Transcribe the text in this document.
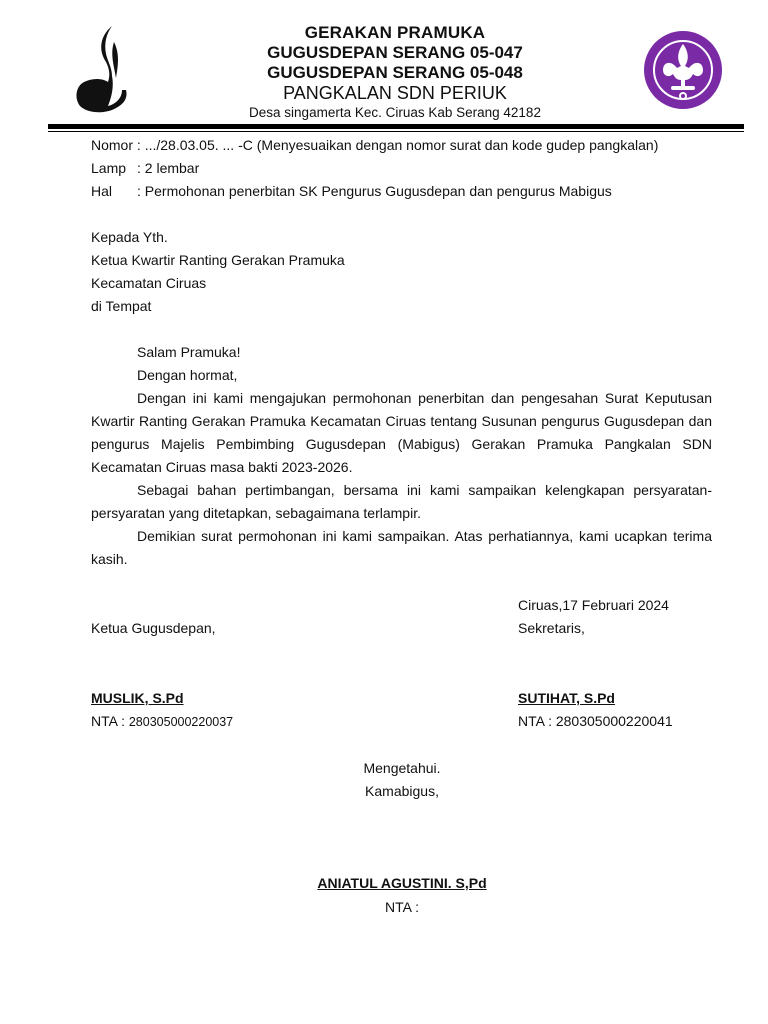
GERAKAN PRAMUKA
GUGUSDEPAN SERANG 05-047
GUGUSDEPAN SERANG 05-048
PANGKALAN SDN PERIUK
Desa singamerta Kec. Ciruas Kab Serang 42182
Nomor : .../28.03.05. ... -C (Menyesuaikan dengan nomor surat dan kode gudep pangkalan)
Lamp : 2 lembar
Hal : Permohonan penerbitan SK Pengurus Gugusdepan dan pengurus Mabigus
Kepada Yth.
Ketua Kwartir Ranting Gerakan Pramuka
Kecamatan Ciruas
di Tempat
Salam Pramuka!
Dengan hormat,
Dengan ini kami mengajukan permohonan penerbitan dan pengesahan Surat Keputusan Kwartir Ranting Gerakan Pramuka Kecamatan Ciruas tentang Susunan pengurus Gugusdepan dan pengurus Majelis Pembimbing Gugusdepan (Mabigus) Gerakan Pramuka Pangkalan SDN Kecamatan Ciruas masa bakti 2023-2026.
Sebagai bahan pertimbangan, bersama ini kami sampaikan kelengkapan persyaratan-persyaratan yang ditetapkan, sebagaimana terlampir.
Demikian surat permohonan ini kami sampaikan. Atas perhatiannya, kami ucapkan terima kasih.
Ciruas,17 Februari 2024
Ketua Gugusdepan,	Sekretaris,
MUSLIK, S.Pd	SUTIHAT, S.Pd
NTA : 280305000220037	NTA : 280305000220041
Mengetahui.
Kamabigus,
ANIATUL AGUSTINI. S,Pd
NTA :
